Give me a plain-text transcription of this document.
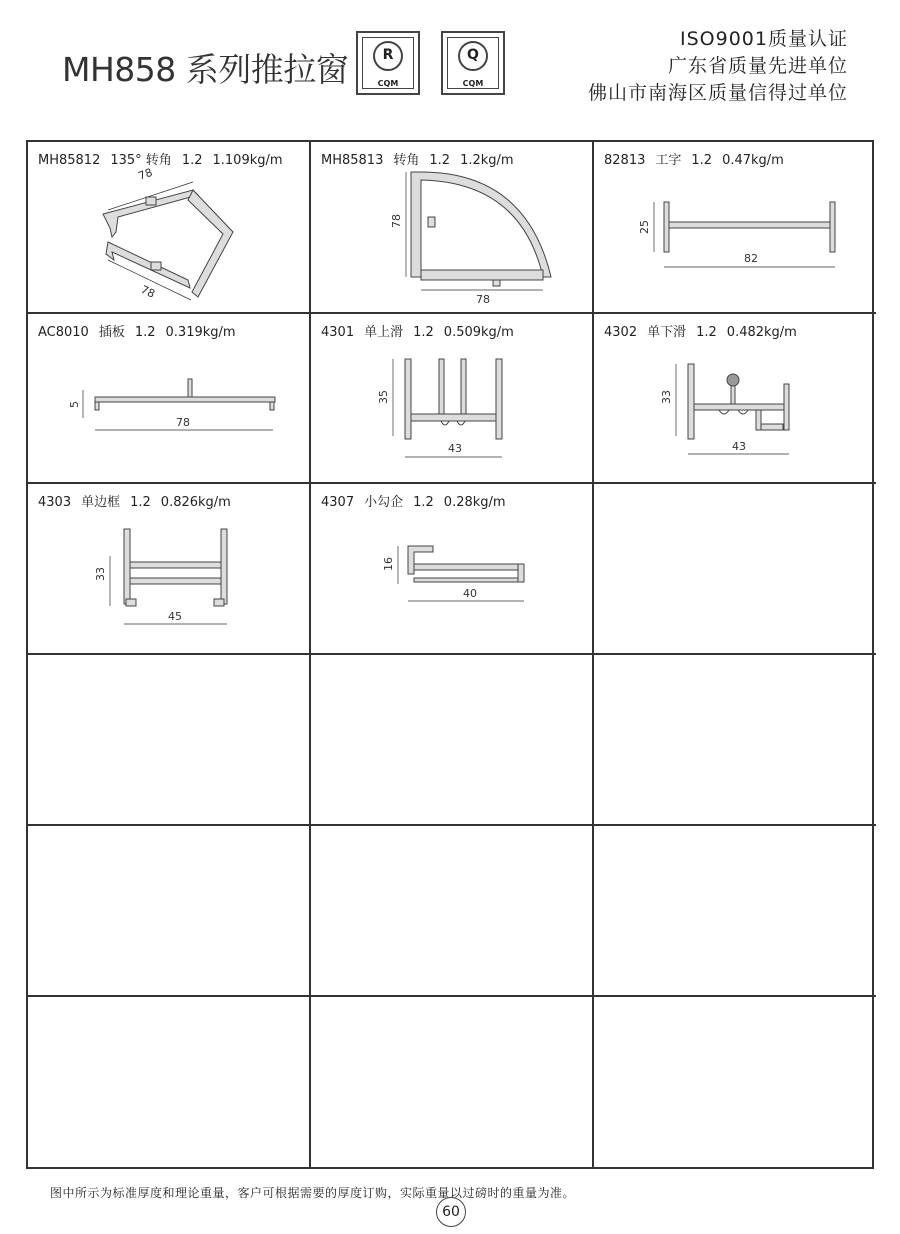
MH858 系列推拉窗	R
CQM
Q
CQM
ISO9001质量认证
广东省质量先进单位
佛山市南海区质量信得过单位
MH85812 135° 转角 1.2 1.109kg/m
78
78
MH85813 转角 1.2 1.2kg/m
78
78
82813 工字 1.2 0.47kg/m
25
82
AC8010 插板 1.2 0.319kg/m
5
78
4301 单上滑 1.2 0.509kg/m
35
43
4302 单下滑 1.2 0.482kg/m
33
43
4303 单边框 1.2 0.826kg/m
33
45
4307 小勾企 1.2 0.28kg/m
16
40
图中所示为标准厚度和理论重量，客户可根据需要的厚度订购，实际重量以过磅时的重量为准。
60
